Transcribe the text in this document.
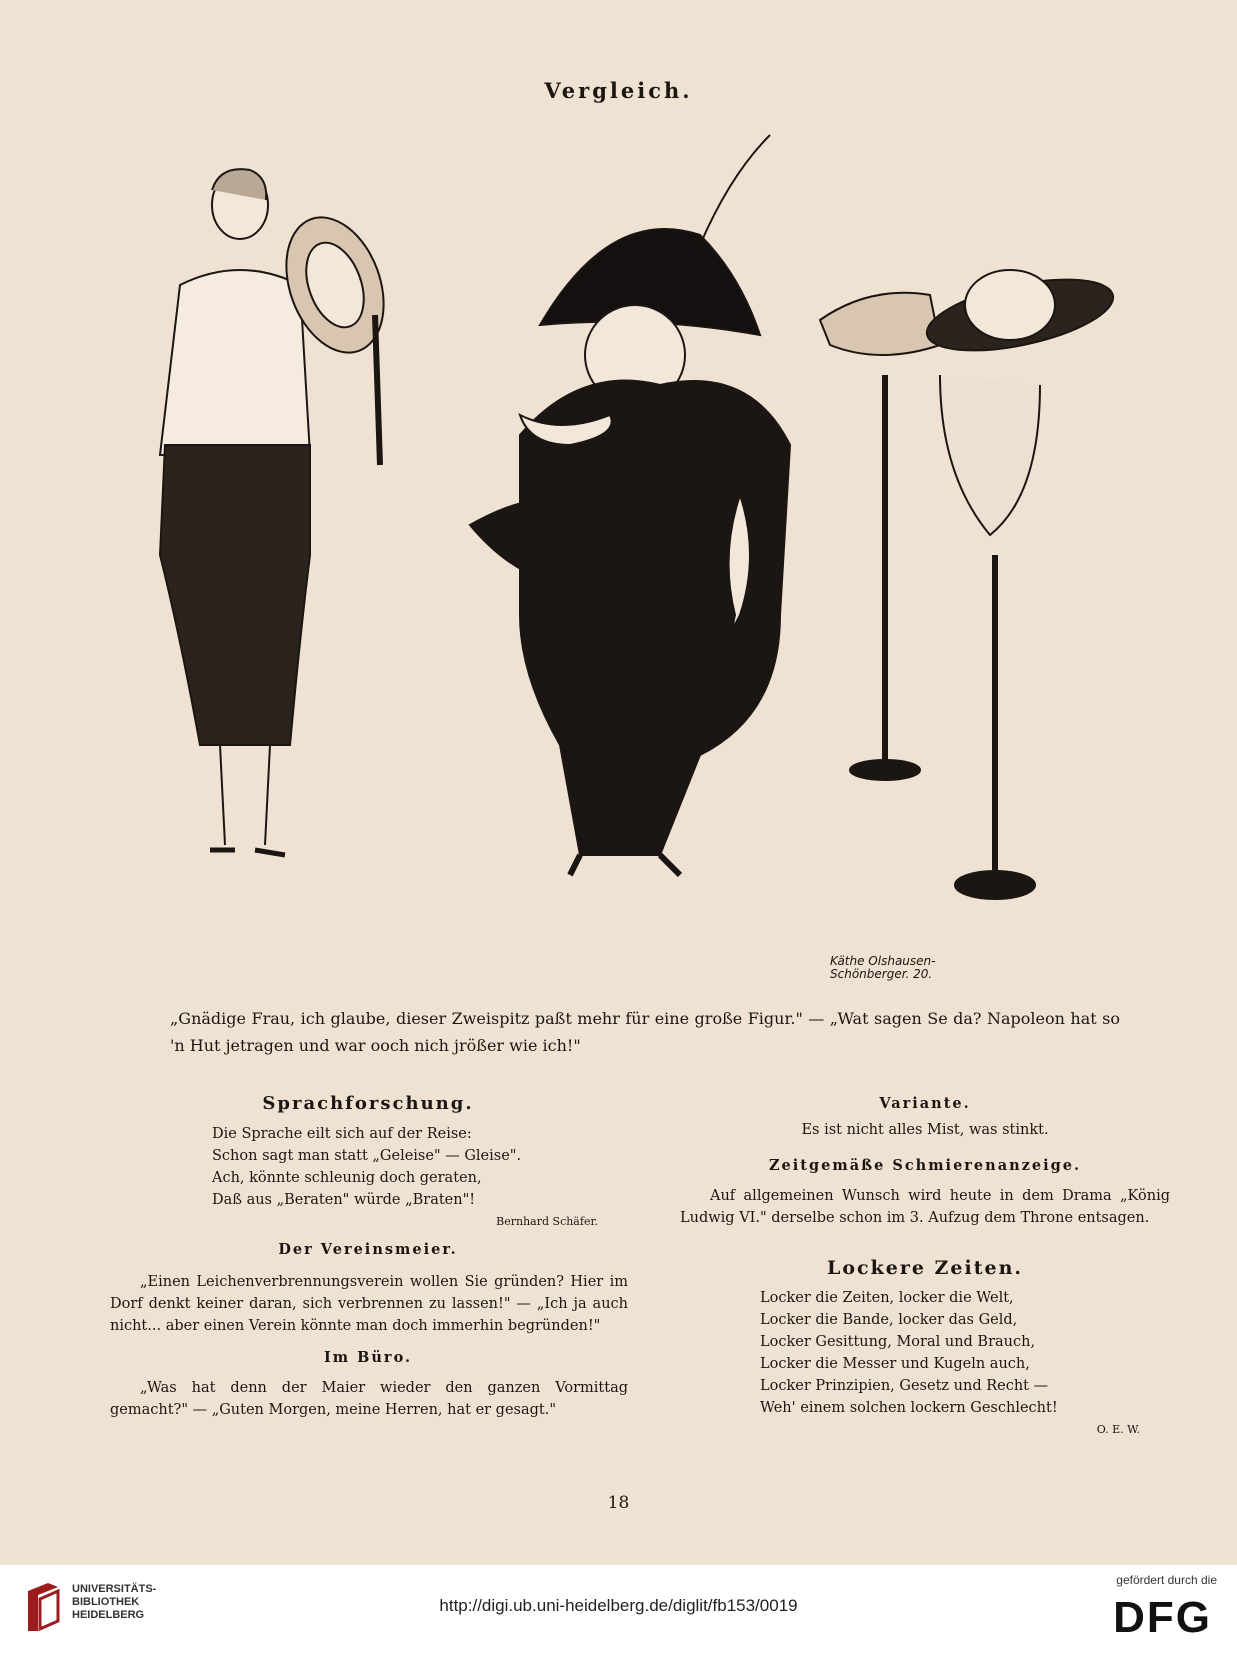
Vergleich.
Käthe Olshausen-
Schönberger. 20.
„Gnädige Frau, ich glaube, dieser Zweispitz paßt mehr für eine große Figur." — „Wat sagen Se da? Napoleon hat so 'n Hut jetragen und war ooch nich jrößer wie ich!"
Sprachforschung.
Die Sprache eilt sich auf der Reise:
Schon sagt man statt „Geleise" — Gleise".
Ach, könnte schleunig doch geraten,
Daß aus „Beraten" würde „Braten"!
Bernhard Schäfer.
Der Vereinsmeier.
„Einen Leichenverbrennungsverein wollen Sie gründen? Hier im Dorf denkt keiner daran, sich verbrennen zu lassen!" — „Ich ja auch nicht... aber einen Verein könnte man doch immerhin begründen!"
Im Büro.
„Was hat denn der Maier wieder den ganzen Vormittag gemacht?" — „Guten Morgen, meine Herren, hat er gesagt."
Variante.
Es ist nicht alles Mist, was stinkt.
Zeitgemäße Schmierenanzeige.
Auf allgemeinen Wunsch wird heute in dem Drama „König Ludwig VI." derselbe schon im 3. Aufzug dem Throne entsagen.
Lockere Zeiten.
Locker die Zeiten, locker die Welt,
Locker die Bande, locker das Geld,
Locker Gesittung, Moral und Brauch,
Locker die Messer und Kugeln auch,
Locker Prinzipien, Gesetz und Recht —
Weh' einem solchen lockern Geschlecht!
O. E. W.
18
UNIVERSITÄTS-
BIBLIOTHEK
HEIDELBERG	http://digi.ub.uni-heidelberg.de/diglit/fb153/0019
gefördert durch die
DFG
